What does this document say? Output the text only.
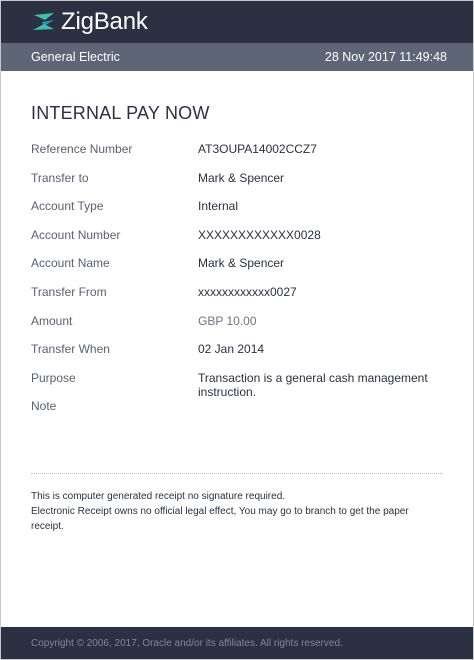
ZigBank
General Electric	28 Nov 2017 11:49:48
INTERNAL PAY NOW
Reference Number	AT3OUPA14002CCZ7
Transfer to	Mark & Spencer
Account Type	Internal
Account Number	XXXXXXXXXXXX0028
Account Name	Mark & Spencer
Transfer From	xxxxxxxxxxxx0027
Amount	GBP 10.00
Transfer When	02 Jan 2014
Purpose	Transaction is a general cash management instruction.
Note
This is computer generated receipt no signature required.
Electronic Receipt owns no official legal effect, You may go to branch to get the paper receipt.
Copyright © 2006, 2017, Oracle and/or its affiliates. All rights reserved.
